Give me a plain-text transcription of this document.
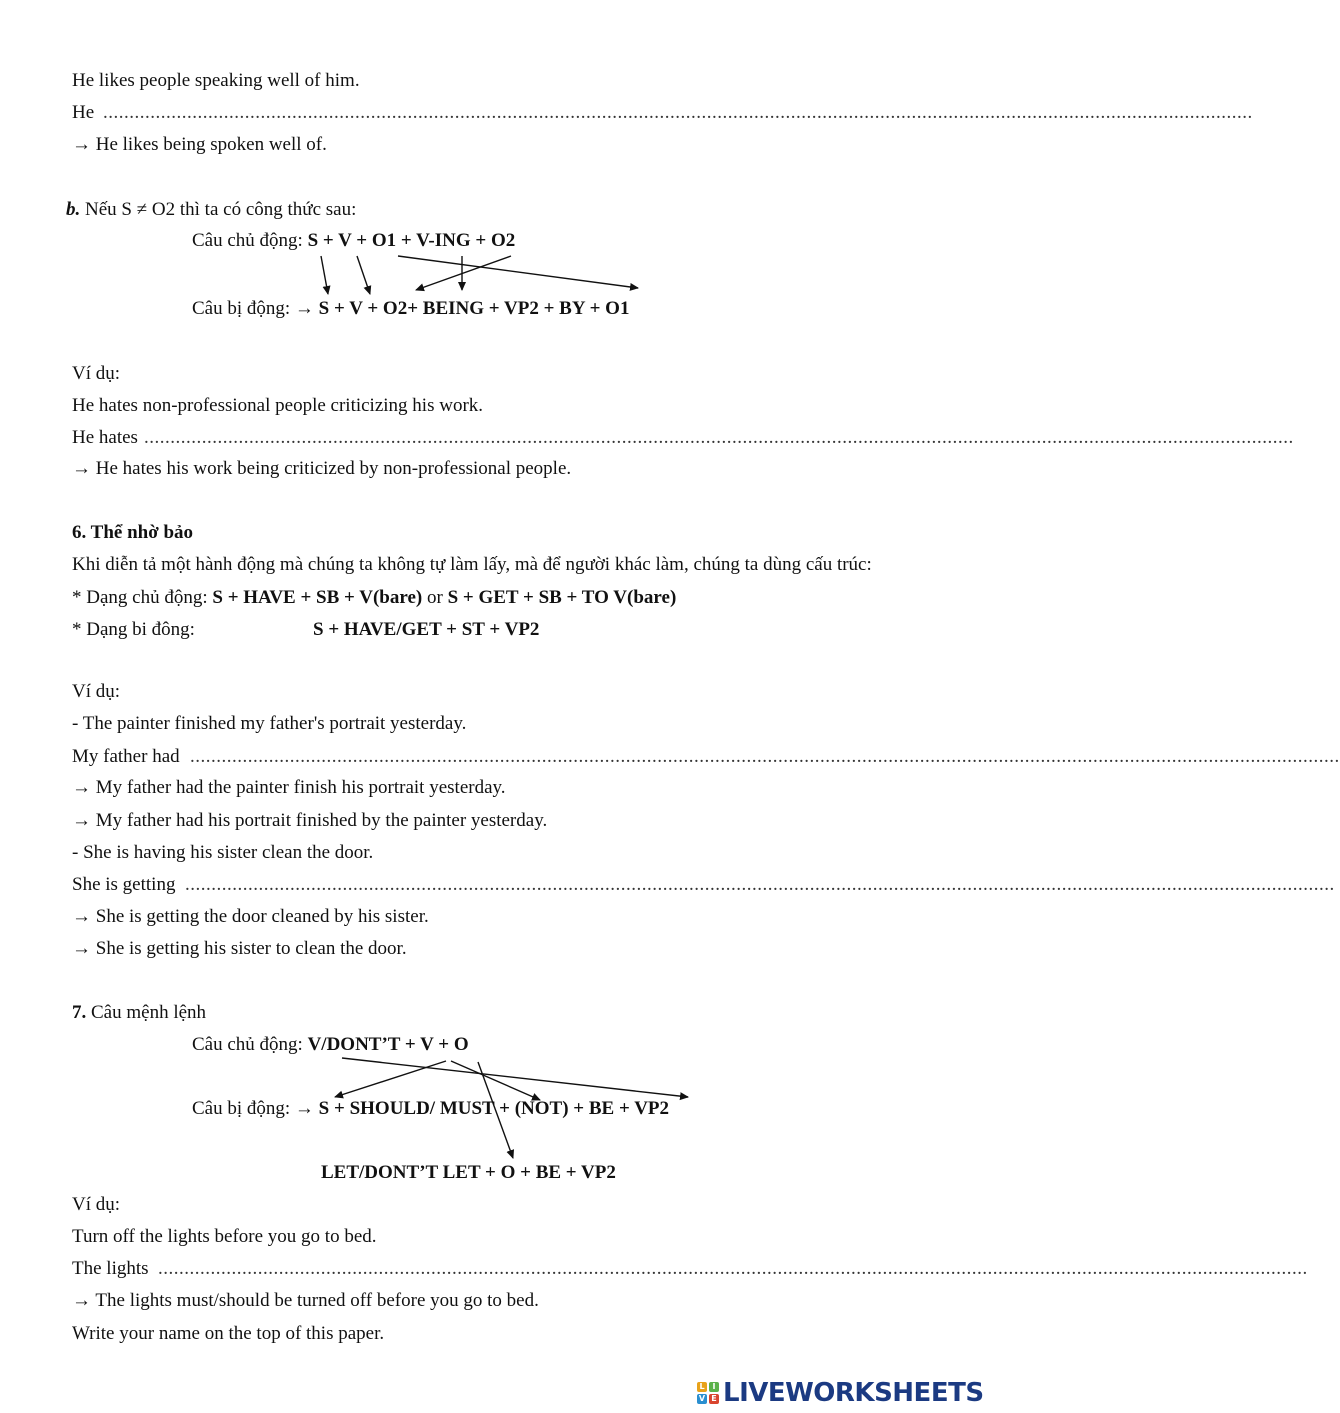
He likes people speaking well of him.
He ...........................................................................................................................................................................................................................
→ He likes being spoken well of.
b. Nếu S ≠ O2 thì ta có công thức sau:
Câu chủ động: S + V + O1 + V-ING + O2
Câu bị động: → S + V + O2+ BEING + VP2 + BY + O1
Ví dụ:
He hates non-professional people criticizing his work.
He hates ...........................................................................................................................................................................................................................
→ He hates his work being criticized by non-professional people.
6. Thể nhờ bảo
Khi diễn tả một hành động mà chúng ta không tự làm lấy, mà để người khác làm, chúng ta dùng cấu trúc:
* Dạng chủ động: S + HAVE + SB + V(bare) or S + GET + SB + TO V(bare)
* Dạng bi đông:	S + HAVE/GET + ST + VP2
Ví dụ:
- The painter finished my father's portrait yesterday.
My father had ...........................................................................................................................................................................................................................
→ My father had the painter finish his portrait yesterday.
→ My father had his portrait finished by the painter yesterday.
- She is having his sister clean the door.
She is getting ...........................................................................................................................................................................................................................
→ She is getting the door cleaned by his sister.
→ She is getting his sister to clean the door.
7. Câu mệnh lệnh
Câu chủ động: V/DONT’T + V + O
Câu bị động: → S + SHOULD/ MUST + (NOT) + BE + VP2
LET/DONT’T LET + O + BE + VP2
Ví dụ:
Turn off the lights before you go to bed.
The lights ...........................................................................................................................................................................................................................
→ The lights must/should be turned off before you go to bed.
Write your name on the top of this paper.
L I
V E LIVEWORKSHEETS
